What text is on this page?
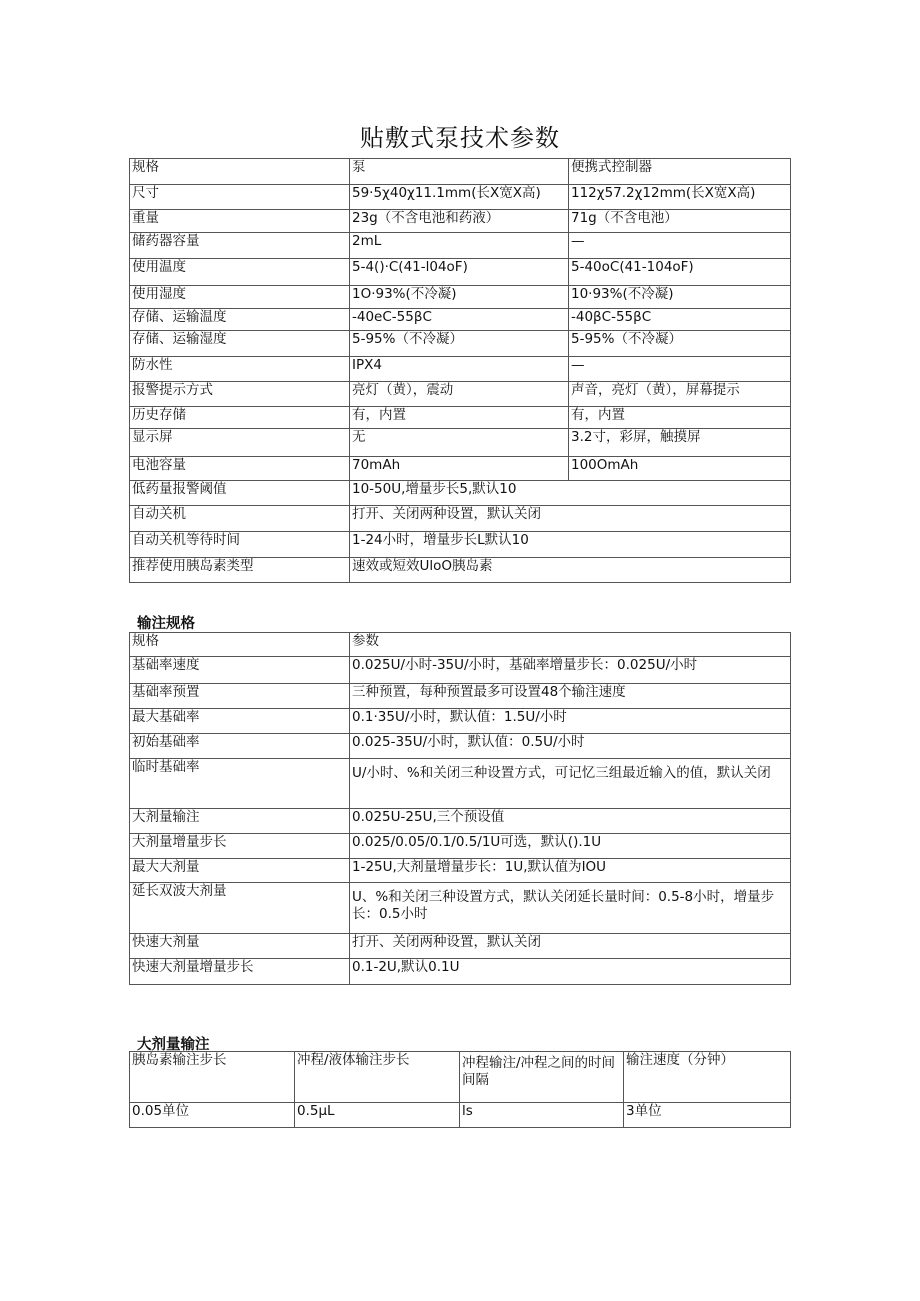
贴敷式泵技术参数
规格	泵	便携式控制器
尺寸	59·5χ40χ11.1mm(长X宽X高)	112χ57.2χ12mm(长X宽X高)
重量	23g（不含电池和药液）	71g（不含电池）
储药器容量	2mL	—
使用温度	5-4()·C(41-l04oF)	5-40oC(41-104oF)
使用湿度	1O·93%(不冷凝)	10·93%(不冷凝)
存储、运输温度	-40eC-55βC	-40βC-55βC
存储、运输湿度	5-95%（不冷凝）	5-95%（不冷凝）
防水性	IPX4	—
报警提示方式	亮灯（黄），震动	声音，亮灯（黄），屏幕提示
历史存储	有，内置	有，内置
显示屏	无	3.2寸，彩屏，触摸屏
电池容量	70mAh	100OmAh
低药量报警阈值	10-50U,增量步长5,默认10	
自动关机	打开、关闭两种设置，默认关闭	
自动关机等待时间	1-24小时，增量步长L默认10	
推荐使用胰岛素类型	速效或短效UloO胰岛素	
输注规格
规格	参数
基础率速度	0.025U/小时-35U/小时，基础率增量步长：0.025U/小时
基础率预置	三种预置，每种预置最多可设置48个输注速度
最大基础率	0.1·35U/小时，默认值：1.5U/小时
初始基础率	0.025-35U/小时，默认值：0.5U/小时
临时基础率	U/小时、%和关闭三种设置方式，可记忆三组最近输入的值，默认关闭
大剂量输注	0.025U-25U,三个预设值
大剂量增量步长	0.025/0.05/0.1/0.5/1U可选，默认().1U
最大大剂量	1-25U,大剂量增量步长：1U,默认值为IOU
延长双波大剂量	U、%和关闭三种设置方式，默认关闭延长量时间：0.5-8小时，增量步长：0.5小时
快速大剂量	打开、关闭两种设置，默认关闭
快速大剂量增量步长	0.1-2U,默认0.1U
大剂量输注
胰岛素输注步长	冲程/液体输注步长	冲程输注/冲程之间的时间间隔	输注速度（分钟）
0.05单位	0.5μL	ls	3单位
